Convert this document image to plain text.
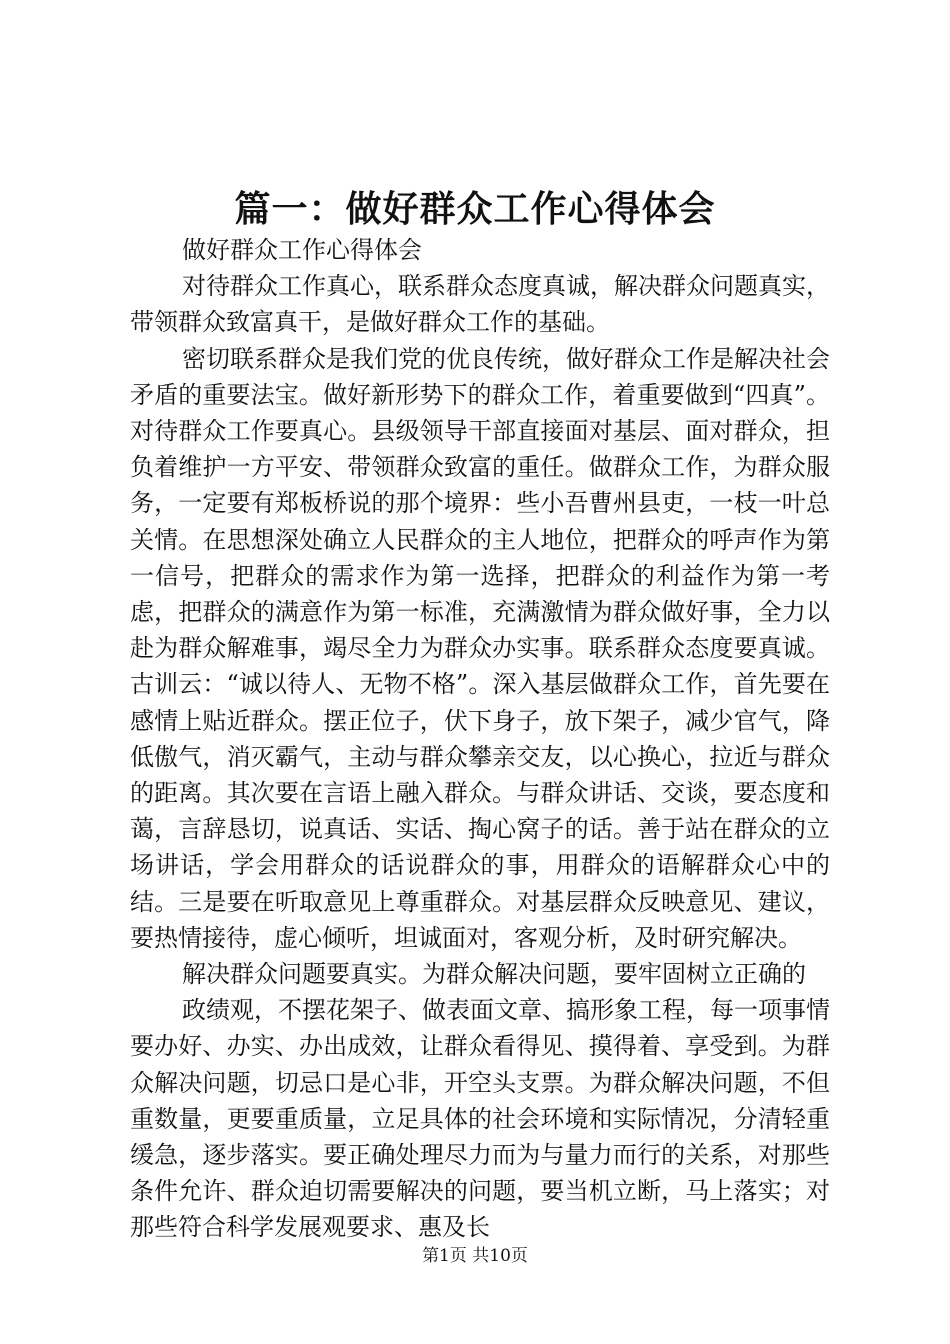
篇一：做好群众工作心得体会

做好群众工作心得体会

对待群众工作真心，联系群众态度真诚，解决群众问题真实，带领群众致富真干，是做好群众工作的基础。

密切联系群众是我们党的优良传统，做好群众工作是解决社会矛盾的重要法宝。做好新形势下的群众工作，着重要做到“四真”。对待群众工作要真心。县级领导干部直接面对基层、面对群众，担负着维护一方平安、带领群众致富的重任。做群众工作，为群众服务，一定要有郑板桥说的那个境界：些小吾曹州县吏，一枝一叶总关情。在思想深处确立人民群众的主人地位，把群众的呼声作为第一信号，把群众的需求作为第一选择，把群众的利益作为第一考虑，把群众的满意作为第一标准，充满激情为群众做好事，全力以赴为群众解难事，竭尽全力为群众办实事。联系群众态度要真诚。古训云：“诚以待人、无物不格”。深入基层做群众工作，首先要在感情上贴近群众。摆正位子，伏下身子，放下架子，减少官气，降低傲气，消灭霸气，主动与群众攀亲交友，以心换心，拉近与群众的距离。其次要在言语上融入群众。与群众讲话、交谈，要态度和蔼，言辞恳切，说真话、实话、掏心窝子的话。善于站在群众的立场讲话，学会用群众的话说群众的事，用群众的语解群众心中的结。三是要在听取意见上尊重群众。对基层群众反映意见、建议，要热情接待，虚心倾听，坦诚面对，客观分析，及时研究解决。

解决群众问题要真实。为群众解决问题，要牢固树立正确的

政绩观，不摆花架子、做表面文章、搞形象工程，每一项事情要办好、办实、办出成效，让群众看得见、摸得着、享受到。为群众解决问题，切忌口是心非，开空头支票。为群众解决问题，不但重数量，更要重质量，立足具体的社会环境和实际情况，分清轻重缓急，逐步落实。要正确处理尽力而为与量力而行的关系，对那些条件允许、群众迫切需要解决的问题，要当机立断，马上落实；对那些符合科学发展观要求、惠及长

第1页 共10页
